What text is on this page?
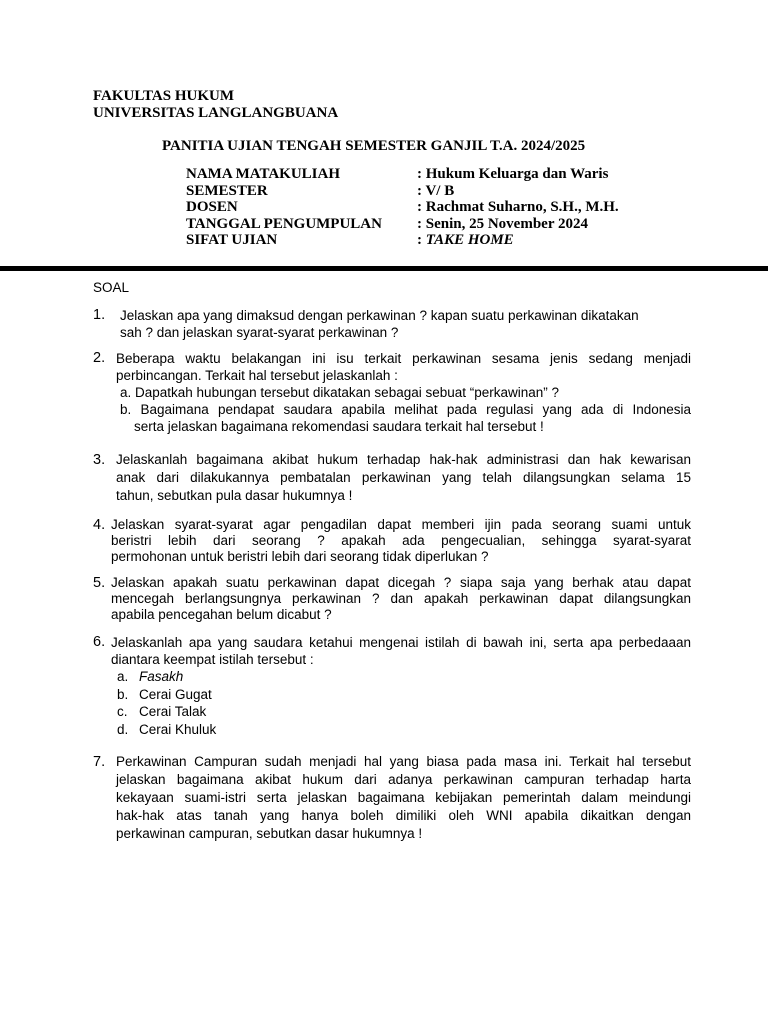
FAKULTAS HUKUM
UNIVERSITAS LANGLANGBUANA
PANITIA UJIAN TENGAH SEMESTER GANJIL T.A. 2024/2025
NAMA MATAKULIAH	: Hukum Keluarga dan Waris
SEMESTER	: V/ B
DOSEN	: Rachmat Suharno, S.H., M.H.
TANGGAL PENGUMPULAN	: Senin, 25 November 2024
SIFAT UJIAN	: TAKE HOME
SOAL
1. Jelaskan apa yang dimaksud dengan perkawinan ? kapan suatu perkawinan dikatakan
sah ? dan jelaskan syarat-syarat perkawinan ?
2. Beberapa waktu belakangan ini isu terkait perkawinan sesama jenis sedang menjadi
perbincangan. Terkait hal tersebut jelaskanlah :
a. Dapatkah hubungan tersebut dikatakan sebagai sebuat “perkawinan” ?
b. Bagaimana pendapat saudara apabila melihat pada regulasi yang ada di Indonesia
serta jelaskan bagaimana rekomendasi saudara terkait hal tersebut !
3. Jelaskanlah bagaimana akibat hukum terhadap hak-hak administrasi dan hak kewarisan
anak dari dilakukannya pembatalan perkawinan yang telah dilangsungkan selama 15
tahun, sebutkan pula dasar hukumnya !
4. Jelaskan syarat-syarat agar pengadilan dapat memberi ijin pada seorang suami untuk
beristri lebih dari seorang ? apakah ada pengecualian, sehingga syarat-syarat
permohonan untuk beristri lebih dari seorang tidak diperlukan ?
5. Jelaskan apakah suatu perkawinan dapat dicegah ? siapa saja yang berhak atau dapat
mencegah berlangsungnya perkawinan ? dan apakah perkawinan dapat dilangsungkan
apabila pencegahan belum dicabut ?
6. Jelaskanlah apa yang saudara ketahui mengenai istilah di bawah ini, serta apa perbedaaan
diantara keempat istilah tersebut :
a. Fasakh
b. Cerai Gugat
c. Cerai Talak
d. Cerai Khuluk
7. Perkawinan Campuran sudah menjadi hal yang biasa pada masa ini. Terkait hal tersebut
jelaskan bagaimana akibat hukum dari adanya perkawinan campuran terhadap harta
kekayaan suami-istri serta jelaskan bagaimana kebijakan pemerintah dalam meindungi
hak-hak atas tanah yang hanya boleh dimiliki oleh WNI apabila dikaitkan dengan
perkawinan campuran, sebutkan dasar hukumnya !
